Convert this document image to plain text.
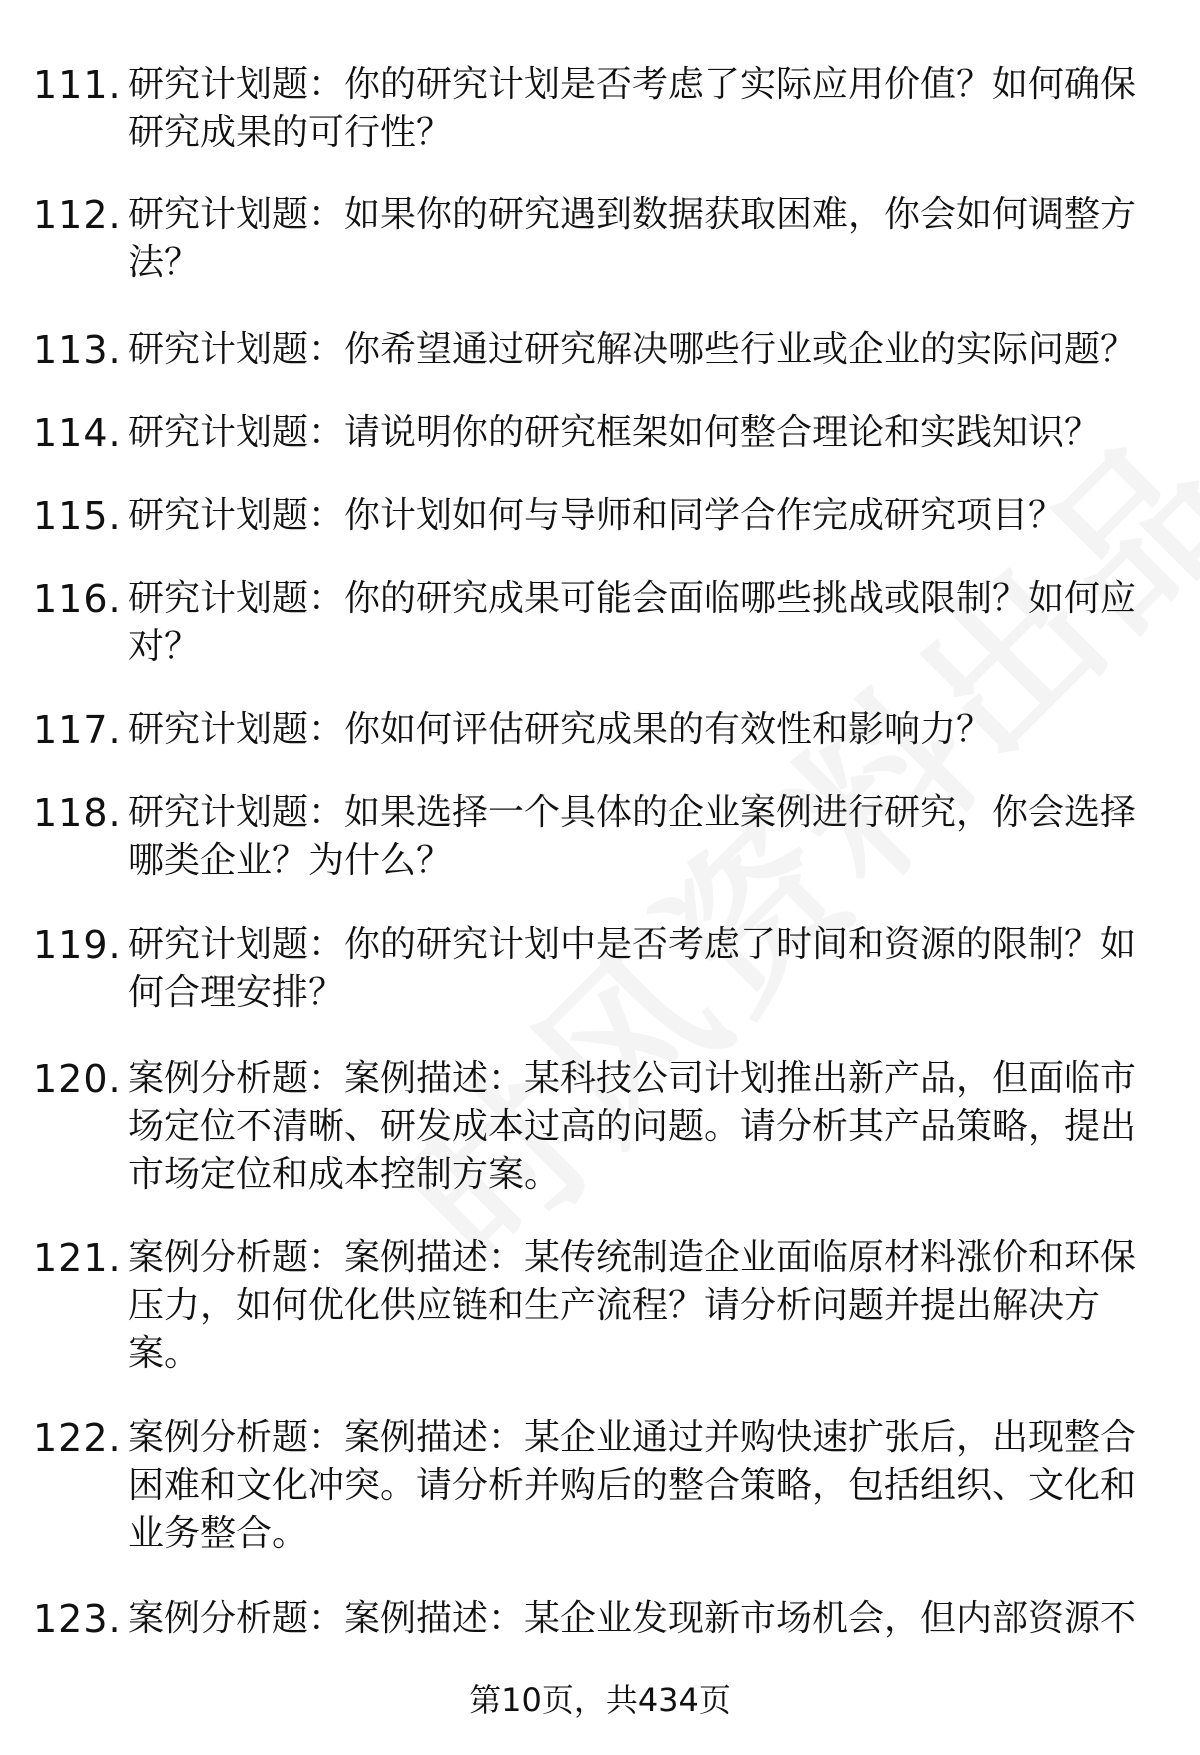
111. 研究计划题：你的研究计划是否考虑了实际应用价值？如何确保研究成果的可行性？
112. 研究计划题：如果你的研究遇到数据获取困难，你会如何调整方法？
113. 研究计划题：你希望通过研究解决哪些行业或企业的实际问题？
114. 研究计划题：请说明你的研究框架如何整合理论和实践知识？
115. 研究计划题：你计划如何与导师和同学合作完成研究项目？
116. 研究计划题：你的研究成果可能会面临哪些挑战或限制？如何应对？
117. 研究计划题：你如何评估研究成果的有效性和影响力？
118. 研究计划题：如果选择一个具体的企业案例进行研究，你会选择哪类企业？为什么？
119. 研究计划题：你的研究计划中是否考虑了时间和资源的限制？如何合理安排？
120. 案例分析题：案例描述：某科技公司计划推出新产品，但面临市场定位不清晰、研发成本过高的问题。请分析其产品策略，提出市场定位和成本控制方案。
121. 案例分析题：案例描述：某传统制造企业面临原材料涨价和环保压力，如何优化供应链和生产流程？请分析问题并提出解决方案。
122. 案例分析题：案例描述：某企业通过并购快速扩张后，出现整合困难和文化冲突。请分析并购后的整合策略，包括组织、文化和业务整合。
123. 案例分析题：案例描述：某企业发现新市场机会，但内部资源不
第10页，共434页
